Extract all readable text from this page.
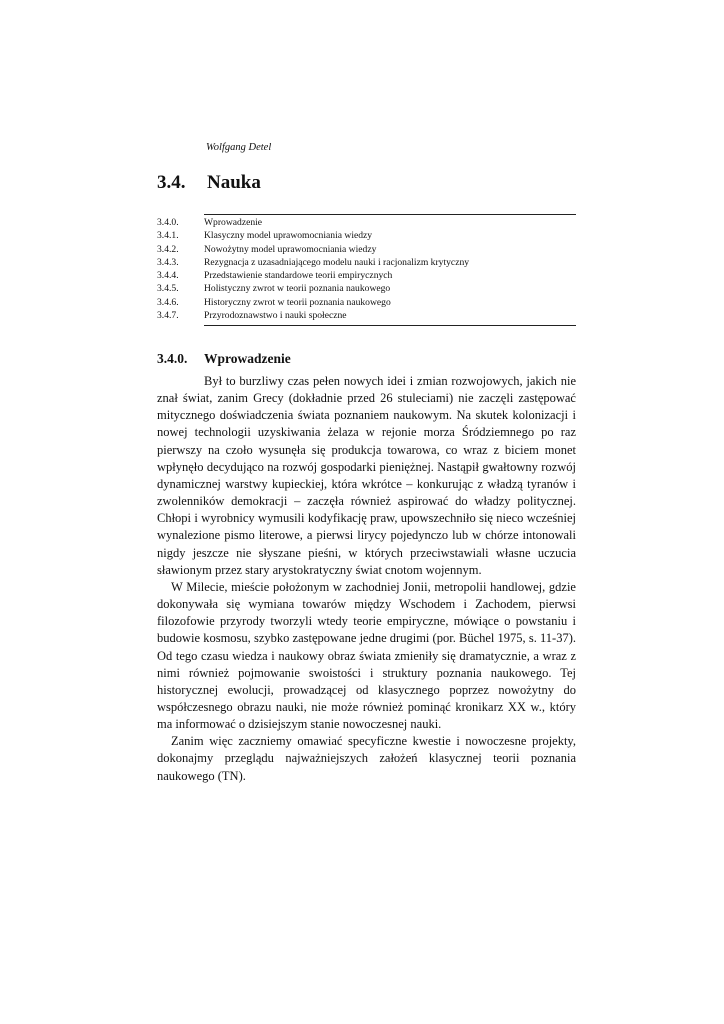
Wolfgang Detel
3.4. Nauka
3.4.0.	Wprowadzenie
3.4.1.	Klasyczny model uprawomocniania wiedzy
3.4.2.	Nowożytny model uprawomocniania wiedzy
3.4.3.	Rezygnacja z uzasadniającego modelu nauki i racjonalizm krytyczny
3.4.4.	Przedstawienie standardowe teorii empirycznych
3.4.5.	Holistyczny zwrot w teorii poznania naukowego
3.4.6.	Historyczny zwrot w teorii poznania naukowego
3.4.7.	Przyrodoznawstwo i nauki społeczne
3.4.0. Wprowadzenie

Był to burzliwy czas pełen nowych idei i zmian rozwojowych, jakich nie znał świat, zanim Grecy (dokładnie przed 26 stuleciami) nie zaczęli zastępować mitycznego doświadczenia świata poznaniem naukowym. Na skutek kolonizacji i nowej technologii uzyskiwania żelaza w rejonie morza Śródziemnego po raz pierwszy na czoło wysunęła się produkcja towarowa, co wraz z biciem monet wpłynęło decydująco na rozwój gospodarki pieniężnej. Nastąpił gwałtowny rozwój dynamicznej warstwy kupieckiej, która wkrótce – konkurując z władzą tyranów i zwolenników demokracji – zaczęła również aspirować do władzy politycznej. Chłopi i wyrobnicy wymusili kodyfikację praw, upowszechniło się nieco wcześniej wynalezione pismo literowe, a pierwsi lirycy pojedynczo lub w chórze intonowali nigdy jeszcze nie słyszane pieśni, w których przeciwstawiali własne uczucia sławionym przez stary arystokratyczny świat cnotom wojennym.

W Milecie, mieście położonym w zachodniej Jonii, metropolii handlowej, gdzie dokonywała się wymiana towarów między Wschodem i Zachodem, pierwsi filozofowie przyrody tworzyli wtedy teorie empiryczne, mówiące o powstaniu i budowie kosmosu, szybko zastępowane jedne drugimi (por. Büchel 1975, s. 11-37). Od tego czasu wiedza i naukowy obraz świata zmieniły się dramatycznie, a wraz z nimi również pojmowanie swoistości i struktury poznania naukowego. Tej historycznej ewolucji, prowadzącej od klasycznego poprzez nowożytny do współczesnego obrazu nauki, nie może również pominąć kronikarz XX w., który ma informować o dzisiejszym stanie nowoczesnej nauki.

Zanim więc zaczniemy omawiać specyficzne kwestie i nowoczesne projekty, dokonajmy przeglądu najważniejszych założeń klasycznej teorii poznania naukowego (TN).
